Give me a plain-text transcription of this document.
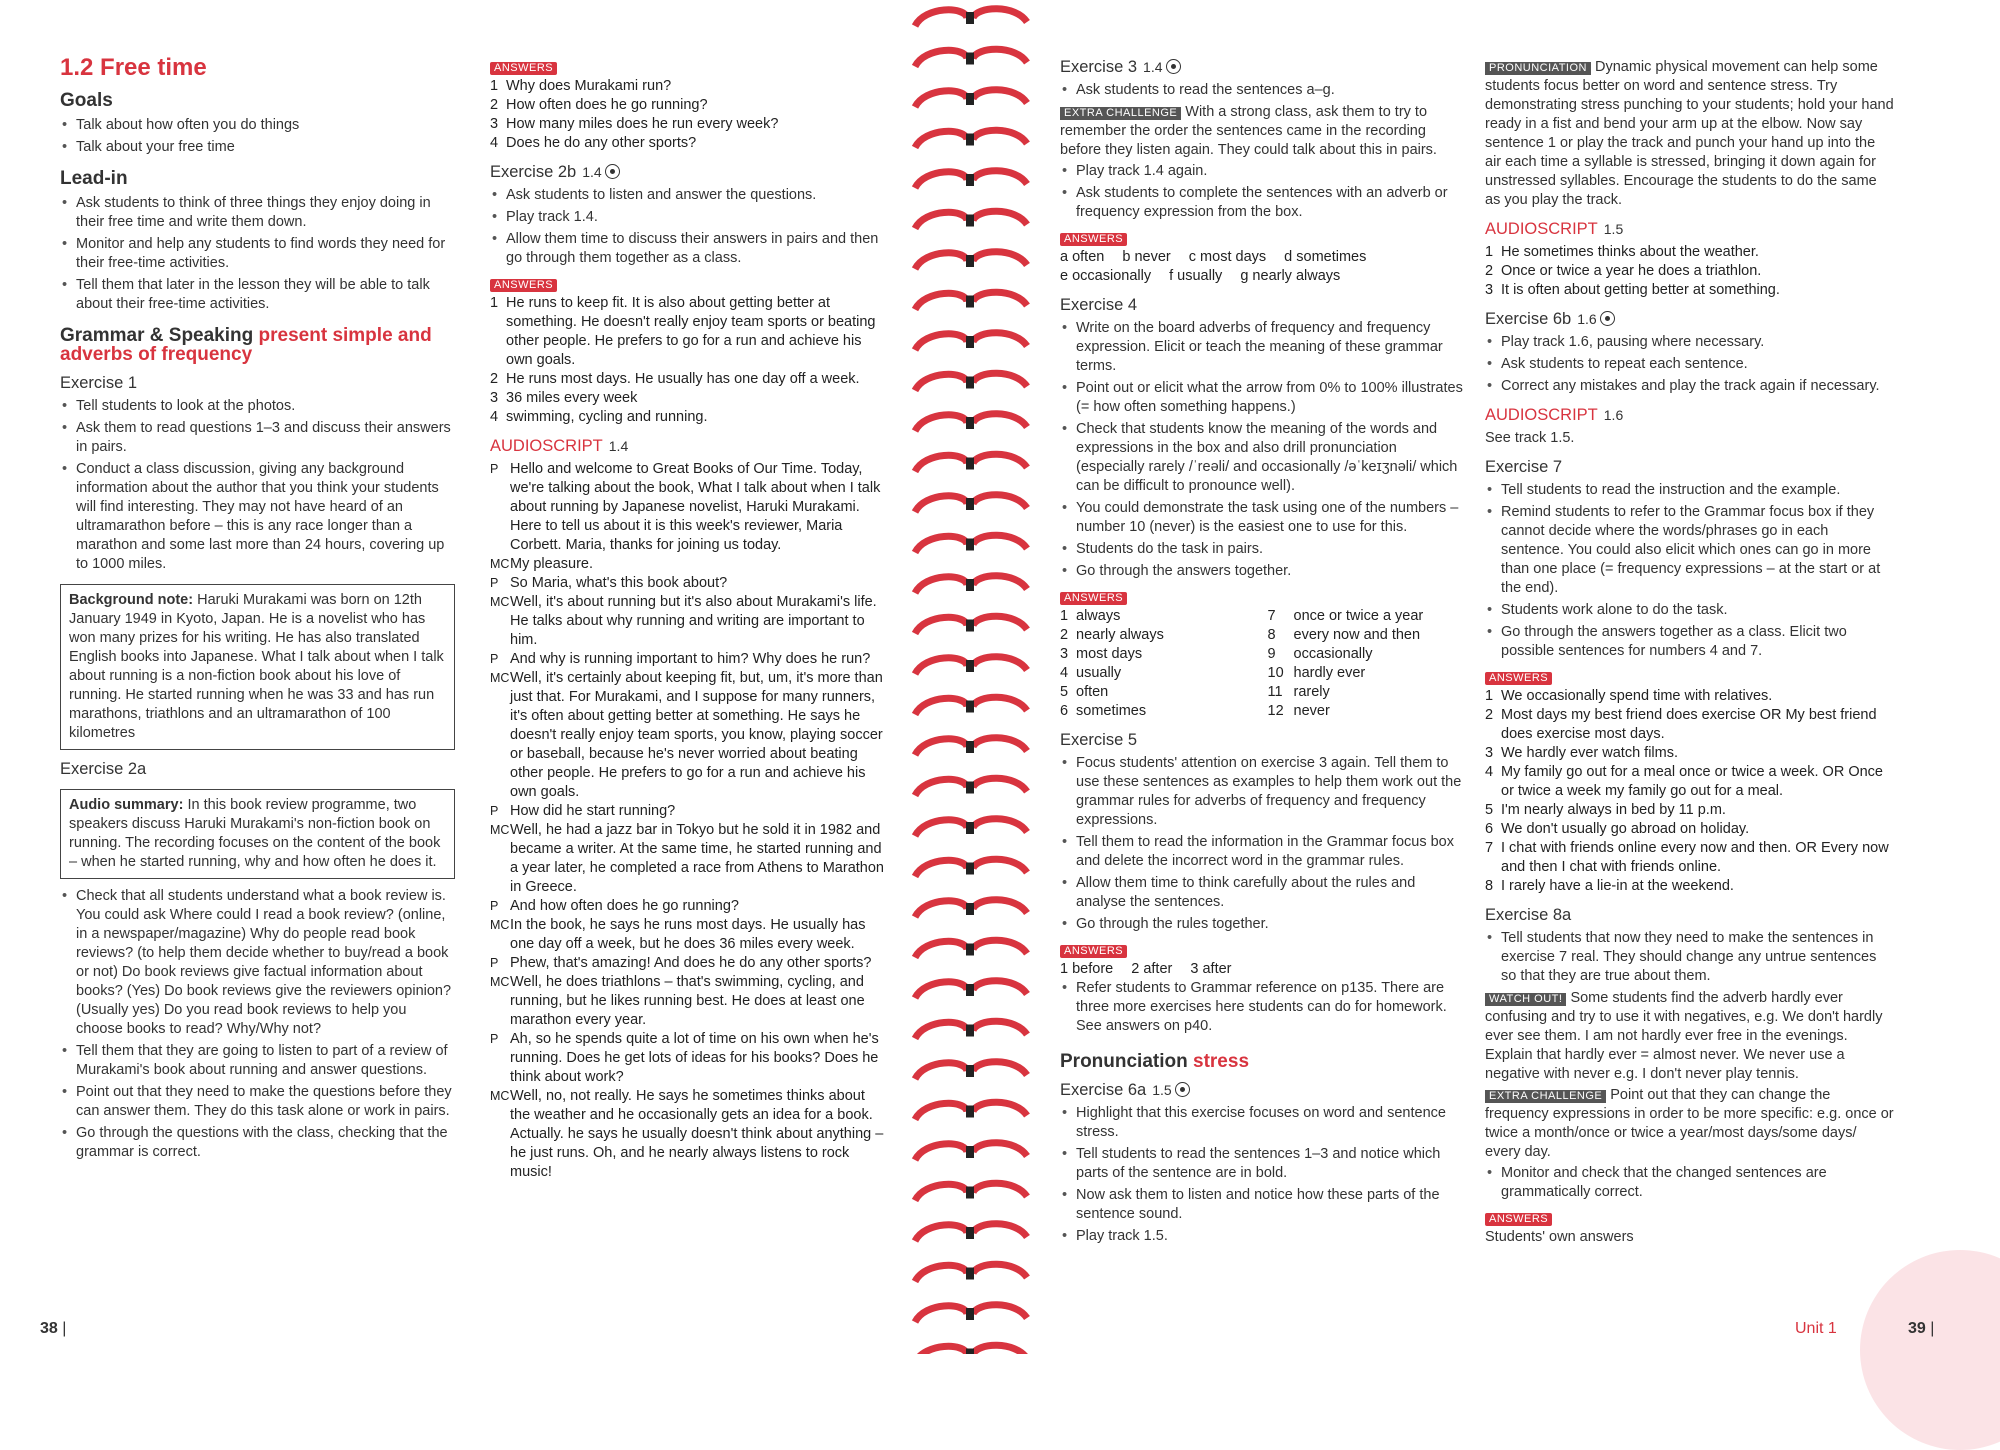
1.2 Free time
Goals
• Talk about how often you do things
• Talk about your free time
Lead-in
• Ask students to think of three things they enjoy doing in their free time and write them down.
• Monitor and help any students to find words they need for their free-time activities.
• Tell them that later in the lesson they will be able to talk about their free-time activities.
Grammar & Speaking present simple and adverbs of frequency
Exercise 1
• Tell students to look at the photos.
• Ask them to read questions 1–3 and discuss their answers in pairs.
• Conduct a class discussion, giving any background information about the author that you think your students will find interesting. They may not have heard of an ultramarathon before – this is any race longer than a marathon and some last more than 24 hours, covering up to 1000 miles.
Background note: Haruki Murakami was born on 12th January 1949 in Kyoto, Japan. He is a novelist who has won many prizes for his writing. He has also translated English books into Japanese. What I talk about when I talk about running is a non-fiction book about his love of running. He started running when he was 33 and has run marathons, triathlons and an ultramarathon of 100 kilometres
Exercise 2a
Audio summary: In this book review programme, two speakers discuss Haruki Murakami's non-fiction book on running. The recording focuses on the content of the book – when he started running, why and how often he does it.
• Check that all students understand what a book review is. You could ask Where could I read a book review? (online, in a newspaper/magazine) Why do people read book reviews? (to help them decide whether to buy/read a book or not) Do book reviews give factual information about books? (Yes) Do book reviews give the reviewers opinion? (Usually yes) Do you read book reviews to help you choose books to read? Why/Why not?
• Tell them that they are going to listen to part of a review of Murakami's book about running and answer questions.
• Point out that they need to make the questions before they can answer them. They do this task alone or work in pairs.
• Go through the questions with the class, checking that the grammar is correct.
38 |
ANSWERS
1 Why does Murakami run?
2 How often does he go running?
3 How many miles does he run every week?
4 Does he do any other sports?
Exercise 2b 1.4
• Ask students to listen and answer the questions.
• Play track 1.4.
• Allow them time to discuss their answers in pairs and then go through them together as a class.
ANSWERS
1 He runs to keep fit. It is also about getting better at something. He doesn't really enjoy team sports or beating other people. He prefers to go for a run and achieve his own goals.
2 He runs most days. He usually has one day off a week.
3 36 miles every week
4 swimming, cycling and running.
AUDIOSCRIPT 1.4

P Hello and welcome to Great Books of Our Time. Today, we're talking about the book, What I talk about when I talk about running by Japanese novelist, Haruki Murakami. Here to tell us about it is this week's reviewer, Maria Corbett. Maria, thanks for joining us today.

MC My pleasure.

P So Maria, what's this book about?

MC Well, it's about running but it's also about Murakami's life. He talks about why running and writing are important to him.

P And why is running important to him? Why does he run?

MC Well, it's certainly about keeping fit, but, um, it's more than just that. For Murakami, and I suppose for many runners, it's often about getting better at something. He says he doesn't really enjoy team sports, you know, playing soccer or baseball, because he's never worried about beating other people. He prefers to go for a run and achieve his own goals.

P How did he start running?

MC Well, he had a jazz bar in Tokyo but he sold it in 1982 and became a writer. At the same time, he started running and a year later, he completed a race from Athens to Marathon in Greece.

P And how often does he go running?

MC In the book, he says he runs most days. He usually has one day off a week, but he does 36 miles every week.

P Phew, that's amazing! And does he do any other sports?

MC Well, he does triathlons – that's swimming, cycling, and running, but he likes running best. He does at least one marathon every year.

P Ah, so he spends quite a lot of time on his own when he's running. Does he get lots of ideas for his books? Does he think about work?

MC Well, no, not really. He says he sometimes thinks about the weather and he occasionally gets an idea for a book. Actually. he says he usually doesn't think about anything – he just runs. Oh, and he nearly always listens to rock music!

Exercise 3 1.4
• Ask students to read the sentences a–g.
EXTRA CHALLENGE With a strong class, ask them to try to remember the order the sentences came in the recording before they listen again. They could talk about this in pairs.
• Play track 1.4 again.
• Ask students to complete the sentences with an adverb or frequency expression from the box.
ANSWERS
a often b never c most days d sometimes
e occasionally f usually g nearly always
Exercise 4
• Write on the board adverbs of frequency and frequency expression. Elicit or teach the meaning of these grammar terms.
• Point out or elicit what the arrow from 0% to 100% illustrates (= how often something happens.)
• Check that students know the meaning of the words and expressions in the box and also drill pronunciation (especially rarely /ˈreəli/ and occasionally /əˈkeɪʒnəli/ which can be difficult to pronounce well).
• You could demonstrate the task using one of the numbers – number 10 (never) is the easiest one to use for this.
• Students do the task in pairs.
• Go through the answers together.
ANSWERS
1 always
2 nearly always
3 most days
4 usually
5 often
6 sometimes
7 once or twice a year
8 every now and then
9 occasionally
10 hardly ever
11 rarely
12 never
Exercise 5
• Focus students' attention on exercise 3 again. Tell them to use these sentences as examples to help them work out the grammar rules for adverbs of frequency and frequency expressions.
• Tell them to read the information in the Grammar focus box and delete the incorrect word in the grammar rules.
• Allow them time to think carefully about the rules and analyse the sentences.
• Go through the rules together.
ANSWERS
1 before 2 after 3 after
• Refer students to Grammar reference on p135. There are three more exercises here students can do for homework. See answers on p40.
Pronunciation stress
Exercise 6a 1.5
• Highlight that this exercise focuses on word and sentence stress.
• Tell students to read the sentences 1–3 and notice which parts of the sentence are in bold.
• Now ask them to listen and notice how these parts of the sentence sound.
• Play track 1.5.
PRONUNCIATION Dynamic physical movement can help some students focus better on word and sentence stress. Try demonstrating stress punching to your students; hold your hand ready in a fist and bend your arm up at the elbow. Now say sentence 1 or play the track and punch your hand up into the air each time a syllable is stressed, bringing it down again for unstressed syllables. Encourage the students to do the same as you play the track.
AUDIOSCRIPT 1.5
1 He sometimes thinks about the weather.
2 Once or twice a year he does a triathlon.
3 It is often about getting better at something.
Exercise 6b 1.6
• Play track 1.6, pausing where necessary.
• Ask students to repeat each sentence.
• Correct any mistakes and play the track again if necessary.
AUDIOSCRIPT 1.6
See track 1.5.
Exercise 7
• Tell students to read the instruction and the example.
• Remind students to refer to the Grammar focus box if they cannot decide where the words/phrases go in each sentence. You could also elicit which ones can go in more than one place (= frequency expressions – at the start or at the end).
• Students work alone to do the task.
• Go through the answers together as a class. Elicit two possible sentences for numbers 4 and 7.
ANSWERS
1 We occasionally spend time with relatives.
2 Most days my best friend does exercise OR My best friend does exercise most days.
3 We hardly ever watch films.
4 My family go out for a meal once or twice a week. OR Once or twice a week my family go out for a meal.
5 I'm nearly always in bed by 11 p.m.
6 We don't usually go abroad on holiday.
7 I chat with friends online every now and then. OR Every now and then I chat with friends online.
8 I rarely have a lie-in at the weekend.
Exercise 8a
• Tell students that now they need to make the sentences in exercise 7 real. They should change any untrue sentences so that they are true about them.
WATCH OUT! Some students find the adverb hardly ever confusing and try to use it with negatives, e.g. We don't hardly ever see them. I am not hardly ever free in the evenings. Explain that hardly ever = almost never. We never use a negative with never e.g. I don't never play tennis.
EXTRA CHALLENGE Point out that they can change the frequency expressions in order to be more specific: e.g. once or twice a month/once or twice a year/most days/some days/ every day.
• Monitor and check that the changed sentences are grammatically correct.
ANSWERS
Students' own answers
Unit 1	39 |
